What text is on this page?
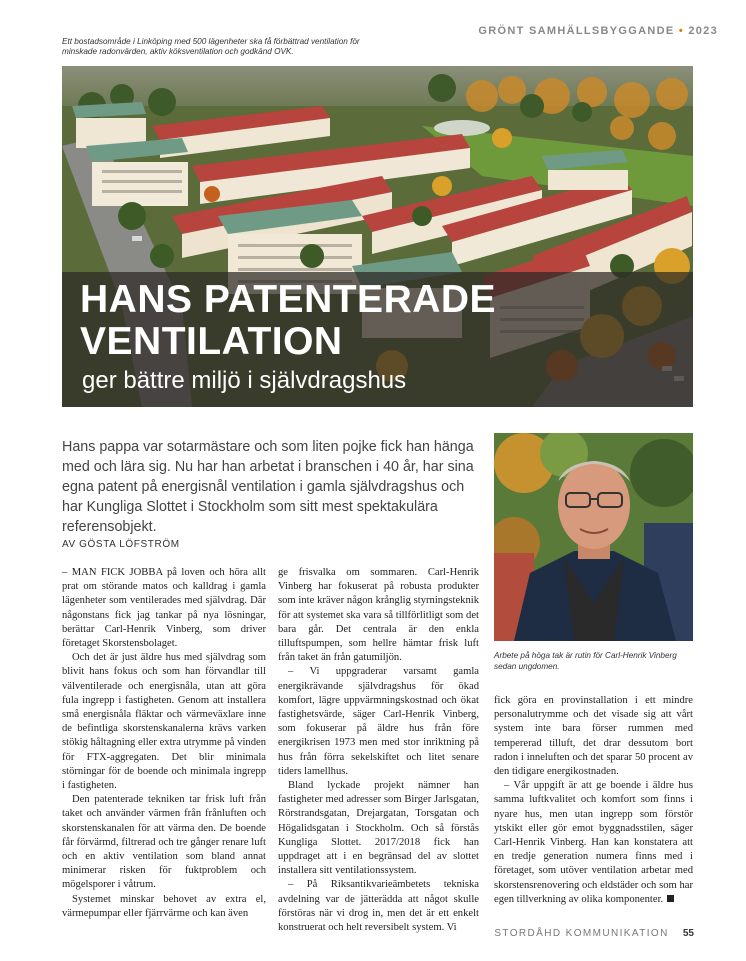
GRÖNT SAMHÄLLSBYGGANDE • 2023
Ett bostadsområde i Linköping med 500 lägenheter ska få förbättrad ventilation för minskade radonvärden, aktiv köksventilation och godkänd OVK.
HANS PATENTERADE
VENTILATION
ger bättre miljö i självdragshus
Hans pappa var sotarmästare och som liten pojke fick han hänga med och lära sig. Nu har han arbetat i branschen i 40 år, har sina egna patent på energisnål ventilation i gamla självdragshus och har Kungliga Slottet i Stockholm som sitt mest spektakulära referensobjekt.
AV GÖSTA LÖFSTRÖM
Arbete på höga tak är rutin för Carl-Henrik Vinberg sedan ungdomen.

– MAN FICK JOBBA på loven och höra allt prat om störande matos och kalldrag i gamla lägenheter som ventilerades med självdrag. Där någonstans fick jag tankar på nya lösningar, berättar Carl-Henrik Vinberg, som driver företaget Skorstensbolaget.

Och det är just äldre hus med självdrag som blivit hans fokus och som han förvandlar till välventilerade och energisnåla, utan att göra fula ingrepp i fastigheten. Genom att installera små energisnåla fläktar och värmeväxlare inne de befintliga skorstenskanalerna krävs varken stökig håltagning eller extra utrymme på vinden för FTX-aggregaten. Det blir minimala störningar för de boende och minimala ingrepp i fastigheten.

Den patenterade tekniken tar frisk luft från taket och använder värmen från frånluften och skorstenskanalen för att värma den. De boende får förvärmd, filtrerad och tre gånger renare luft och en aktiv ventilation som bland annat minimerar risken för fuktproblem och mögelsporer i våtrum.

Systemet minskar behovet av extra el, värmepumpar eller fjärrvärme och kan även

ge frisvalka om sommaren. Carl-Henrik Vinberg har fokuserat på robusta produkter som inte kräver någon krånglig styrningsteknik för att systemet ska vara så tillförlitligt som det bara går. Det centrala är den enkla tilluftspumpen, som hellre hämtar frisk luft från taket än från gatumiljön.

– Vi uppgraderar varsamt gamla energikrävande självdragshus för ökad komfort, lägre uppvärmningskostnad och ökat fastighetsvärde, säger Carl-Henrik Vinberg, som fokuserar på äldre hus från före energikrisen 1973 men med stor inriktning på hus från förra sekelskiftet och litet senare tiders lamellhus.

Bland lyckade projekt nämner han fastigheter med adresser som Birger Jarlsgatan, Rörstrandsgatan, Drejargatan, Torsgatan och Högalidsgatan i Stockholm. Och så förstås Kungliga Slottet. 2017/2018 fick han uppdraget att i en begränsad del av slottet installera sitt ventilationssystem.

– På Riksantikvarieämbetets tekniska avdelning var de jätterädda att något skulle förstöras när vi drog in, men det är ett enkelt konstruerat och helt reversibelt system. Vi

fick göra en provinstallation i ett mindre personalutrymme och det visade sig att vårt system inte bara förser rummen med tempererad tilluft, det drar dessutom bort radon i inneluften och det sparar 50 procent av den tidigare energikostnaden.

– Vår uppgift är att ge boende i äldre hus samma luftkvalitet och komfort som finns i nyare hus, men utan ingrepp som förstör ytskikt eller gör emot byggnadsstilen, säger Carl-Henrik Vinberg. Han kan konstatera att en tredje generation numera finns med i företaget, som utöver ventilation arbetar med skorstensrenovering och eldstäder och som har egen tillverkning av olika komponenter.

STORDÅHD KOMMUNIKATION 55
